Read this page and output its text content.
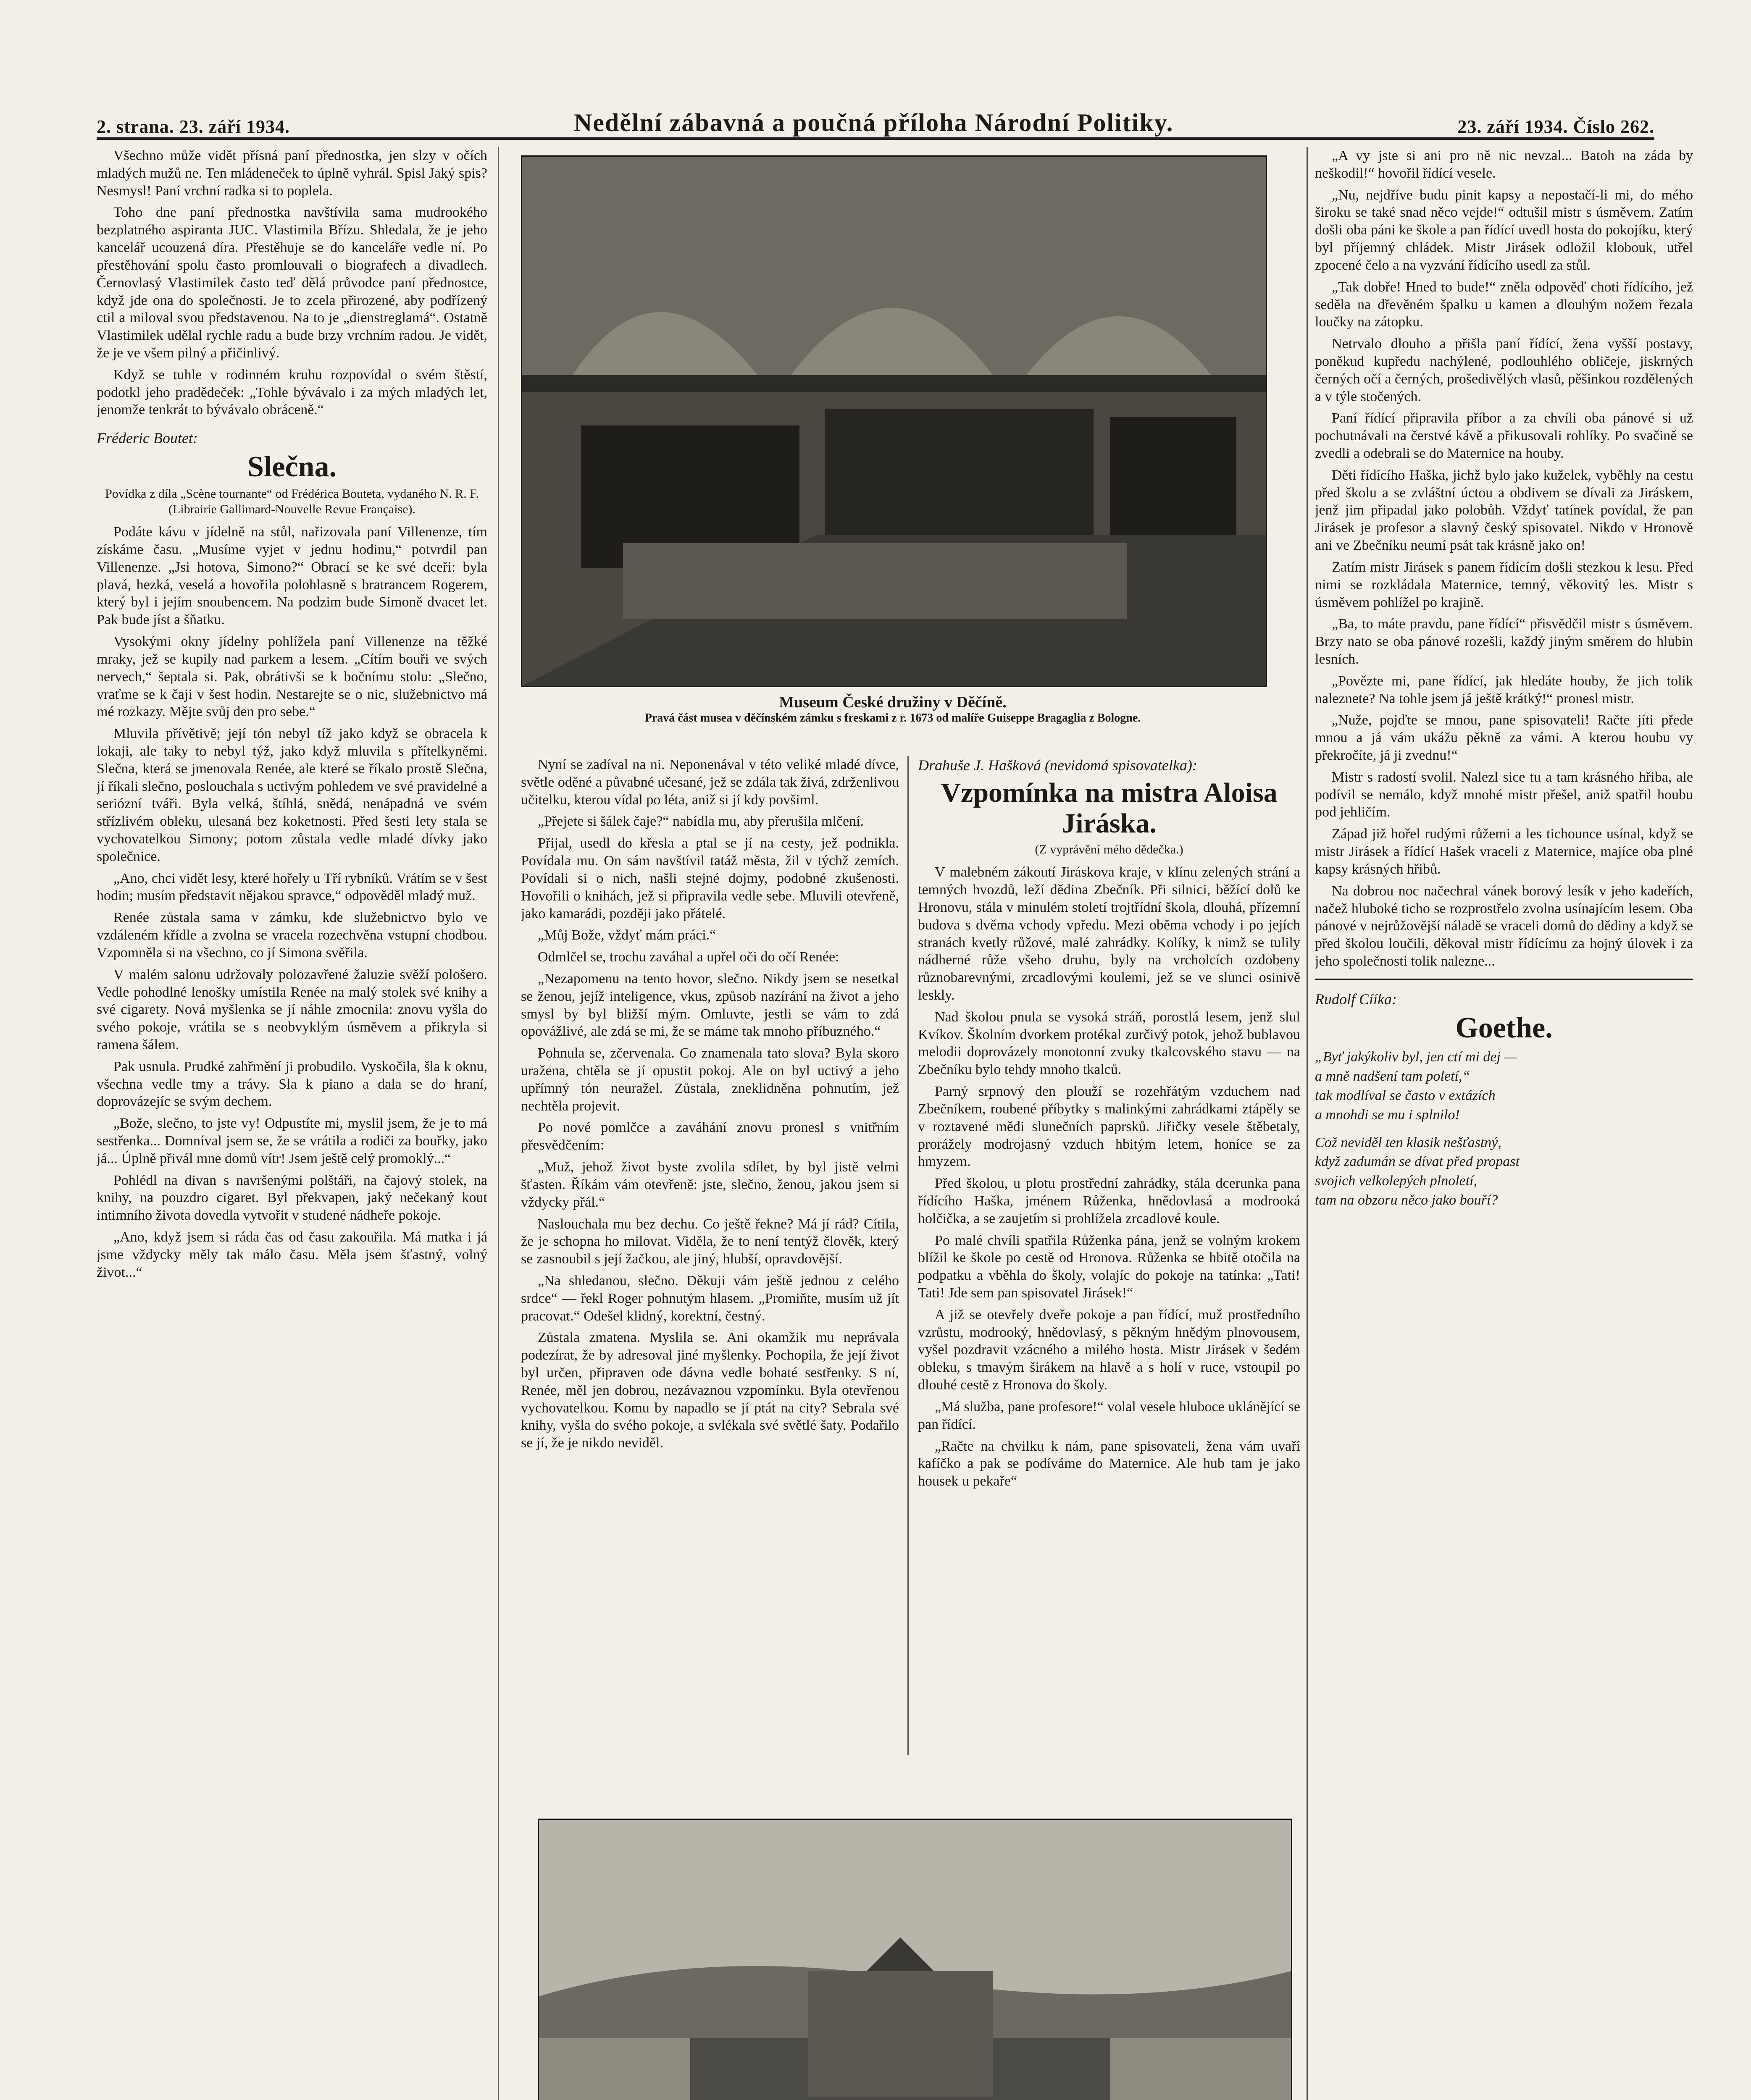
2. strana. 23. září 1934.	Nedělní zábavná a poučná příloha Národní Politiky.	23. září 1934. Číslo 262.

Všechno může vidět přísná paní přednostka, jen slzy v očích mladých mužů ne. Ten mládeneček to úplně vyhrál. Spisl Jaký spis? Nesmysl! Paní vrchní radka si to poplela.

Toho dne paní přednostka navštívila sama mudrookého bezplatného aspiranta JUC. Vlastimila Břízu. Shledala, že je jeho kancelář ucouzená díra. Přestěhuje se do kanceláře vedle ní. Po přestěhování spolu často promlouvali o biografech a divadlech. Černovlasý Vlastimilek často teď dělá průvodce paní přednostce, když jde ona do společnosti. Je to zcela přirozené, aby podřízený ctil a miloval svou představenou. Na to je „dienstreglamá“. Ostatně Vlastimilek udělal rychle radu a bude brzy vrchním radou. Je vidět, že je ve všem pilný a přičinlivý.

Když se tuhle v rodinném kruhu rozpovídal o svém štěstí, podotkl jeho pradědeček: „Tohle bývávalo i za mých mladých let, jenomže tenkrát to bývávalo obráceně.“

Fréderic Boutet:
Slečna.
Povídka z díla „Scène tournante“ od Frédérica Bouteta, vydaného N. R. F. (Librairie Gallimard-Nouvelle Revue Française).

Podáte kávu v jídelně na stůl, nařizovala paní Villenenze, tím získáme času. „Musíme vyjet v jednu hodinu,“ potvrdil pan Villenenze. „Jsi hotova, Simono?“ Obrací se ke své dceři: byla plavá, hezká, veselá a hovořila polohlasně s bratrancem Rogerem, který byl i jejím snoubencem. Na podzim bude Simoně dvacet let. Pak bude jíst a šňatku.

Vysokými okny jídelny pohlížela paní Villenenze na těžké mraky, jež se kupily nad parkem a lesem. „Cítím bouři ve svých nervech,“ šeptala si. Pak, obrátivši se k bočnímu stolu: „Slečno, vraťme se k čaji v šest hodin. Nestarejte se o nic, služebnictvo má mé rozkazy. Mějte svůj den pro sebe.“

Mluvila přívětivě; její tón nebyl tíž jako když se obracela k lokaji, ale taky to nebyl týž, jako když mluvila s přítelkyněmi. Slečna, která se jmenovala Renée, ale které se říkalo prostě Slečna, jí říkali slečno, poslouchala s uctivým pohledem ve své pravidelné a seriózní tváři. Byla velká, štíhlá, snědá, nenápadná ve svém střízlivém obleku, ulesaná bez koketnosti. Před šesti lety stala se vychovatelkou Simony; potom zůstala vedle mladé dívky jako společnice.

„Ano, chci vidět lesy, které hořely u Tří rybníků. Vrátím se v šest hodin; musím představit nějakou spravce,“ odpověděl mladý muž.

Renée zůstala sama v zámku, kde služebnictvo bylo ve vzdáleném křídle a zvolna se vracela rozechvěna vstupní chodbou. Vzpomněla si na všechno, co jí Simona svěřila.

V malém salonu udržovaly polozavřené žaluzie svěží pološero. Vedle pohodlné lenošky umístila Renée na malý stolek své knihy a své cigarety. Nová myšlenka se jí náhle zmocnila: znovu vyšla do svého pokoje, vrátila se s neobvyklým úsměvem a přikryla si ramena šálem.

Pak usnula. Prudké zahřmění ji probudilo. Vyskočila, šla k oknu, všechna vedle tmy a trávy. Sla k piano a dala se do hraní, doprovázejíc se svým dechem.

„Bože, slečno, to jste vy! Odpustíte mi, myslil jsem, že je to má sestřenka... Domníval jsem se, že se vrátila a rodiči za bouřky, jako já... Úplně přivál mne domů vítr! Jsem ještě celý promoklý...“

Pohlédl na divan s navršenými polštáři, na čajový stolek, na knihy, na pouzdro cigaret. Byl překvapen, jaký nečekaný kout intimního života dovedla vytvořit v studené nádheře pokoje.

„Ano, když jsem si ráda čas od času zakouřila. Má matka i já jsme vždycky měly tak málo času. Měla jsem šťastný, volný život...“

Museum České družiny v Děčíně.
Pravá část musea v děčínském zámku s freskami z r. 1673 od malíře Guiseppe Bragaglia z Bologne.

Nyní se zadíval na ni. Neponenával v této veliké mladé dívce, světle oděné a půvabné učesané, jež se zdála tak živá, zdrženlivou učitelku, kterou vídal po léta, aniž si jí kdy povšiml.

„Přejete si šálek čaje?“ nabídla mu, aby přerušila mlčení.

Přijal, usedl do křesla a ptal se jí na cesty, jež podnikla. Povídala mu. On sám navštívil tatáž města, žil v týchž zemích. Povídali si o nich, našli stejné dojmy, podobné zkušenosti. Hovořili o knihách, jež si připravila vedle sebe. Mluvili otevřeně, jako kamarádi, později jako přátelé.

„Můj Bože, vždyť mám práci.“

Odmlčel se, trochu zaváhal a upřel oči do očí Renée:

„Nezapomenu na tento hovor, slečno. Nikdy jsem se nesetkal se ženou, jejíž inteligence, vkus, způsob nazírání na život a jeho smysl by byl bližší mým. Omluvte, jestli se vám to zdá opovážlivé, ale zdá se mi, že se máme tak mnoho příbuzného.“

Pohnula se, zčervenala. Co znamenala tato slova? Byla skoro uražena, chtěla se jí opustit pokoj. Ale on byl uctivý a jeho upřímný tón neuražel. Zůstala, zneklidněna pohnutím, jež nechtěla projevit.

Po nové pomlčce a zaváhání znovu pronesl s vnitřním přesvědčením:

„Muž, jehož život byste zvolila sdílet, by byl jistě velmi šťasten. Říkám vám otevřeně: jste, slečno, ženou, jakou jsem si vždycky přál.“

Naslouchala mu bez dechu. Co ještě řekne? Má jí rád? Cítila, že je schopna ho milovat. Viděla, že to není tentýž člověk, který se zasnoubil s její žačkou, ale jiný, hlubší, opravdovější.

„Na shledanou, slečno. Děkuji vám ještě jednou z celého srdce“ — řekl Roger pohnutým hlasem. „Promiňte, musím už jít pracovat.“ Odešel klidný, korektní, čestný.

Zůstala zmatena. Myslila se. Ani okamžik mu neprávala podezírat, že by adresoval jiné myšlenky. Pochopila, že její život byl určen, připraven ode dávna vedle bohaté sestřenky. S ní, Renée, měl jen dobrou, nezávaznou vzpomínku. Byla otevřenou vychovatelkou. Komu by napadlo se jí ptát na city? Sebrala své knihy, vyšla do svého pokoje, a svlékala své světlé šaty. Podařilo se jí, že je nikdo neviděl.

Drahuše J. Hašková (nevidomá spisovatelka):
Vzpomínka na mistra Aloisa Jiráska.
(Z vyprávění mého dědečka.)

V malebném zákoutí Jiráskova kraje, v klínu zelených strání a temných hvozdů, leží dědina Zbečník. Při silnici, běžící dolů ke Hronovu, stála v minulém století trojtřídní škola, dlouhá, přízemní budova s dvěma vchody vpředu. Mezi oběma vchody i po jejích stranách kvetly růžové, malé zahrádky. Kolíky, k nimž se tulily nádherné růže všeho druhu, byly na vrcholcích ozdobeny různobarevnými, zrcadlovými koulemi, jež se ve slunci osinivě leskly.

Nad školou pnula se vysoká stráň, porostlá lesem, jenž slul Kvíkov. Školním dvorkem protékal zurčivý potok, jehož bublavou melodii doprovázely monotonní zvuky tkalcovského stavu — na Zbečníku bylo tehdy mnoho tkalců.

Parný srpnový den plouží se rozehřátým vzduchem nad Zbečníkem, roubené příbytky s malinkými zahrádkami ztápěly se v roztavené mědi slunečních paprsků. Jiřičky vesele štěbetaly, prorážely modrojasný vzduch hbitým letem, honíce se za hmyzem.

Před školou, u plotu prostřední zahrádky, stála dcerunka pana řídícího Haška, jménem Růženka, hnědovlasá a modrooká holčička, a se zaujetím si prohlížela zrcadlové koule.

Po malé chvíli spatřila Růženka pána, jenž se volným krokem blížil ke škole po cestě od Hronova. Růženka se hbitě otočila na podpatku a vběhla do školy, volajíc do pokoje na tatínka: „Tati! Tati! Jde sem pan spisovatel Jirásek!“

A již se otevřely dveře pokoje a pan řídící, muž prostředního vzrůstu, modrooký, hnědovlasý, s pěkným hnědým plnovousem, vyšel pozdravit vzácného a milého hosta. Mistr Jirásek v šedém obleku, s tmavým širákem na hlavě a s holí v ruce, vstoupil po dlouhé cestě z Hronova do školy.

„Má služba, pane profesore!“ volal vesele hluboce uklánějící se pan řídící.

„Račte na chvilku k nám, pane spisovateli, žena vám uvaří kafíčko a pak se podíváme do Maternice. Ale hub tam je jako housek u pekaře“

„A vy jste si ani pro ně nic nevzal... Batoh na záda by neškodil!“ hovořil řídící vesele.

„Nu, nejdříve budu pinit kapsy a nepostačí-li mi, do mého široku se také snad něco vejde!“ odtušil mistr s úsměvem. Zatím došli oba páni ke škole a pan řídící uvedl hosta do pokojíku, který byl příjemný chládek. Mistr Jirásek odložil klobouk, utřel zpocené čelo a na vyzvání řídícího usedl za stůl.

„Tak dobře! Hned to bude!“ zněla odpověď choti řídícího, jež seděla na dřevěném špalku u kamen a dlouhým nožem řezala loučky na zátopku.

Netrvalo dlouho a přišla paní řídící, žena vyšší postavy, poněkud kupředu nachýlené, podlouhlého obličeje, jiskrných černých očí a černých, prošedivělých vlasů, pěšinkou rozdělených a v týle stočených.

Paní řídící připravila příbor a za chvíli oba pánové si už pochutnávali na čerstvé kávě a přikusovali rohlíky. Po svačině se zvedli a odebrali se do Maternice na houby.

Děti řídícího Haška, jichž bylo jako kuželek, vyběhly na cestu před školu a se zvláštní úctou a obdivem se dívali za Jiráskem, jenž jim připadal jako polobůh. Vždyť tatínek povídal, že pan Jirásek je profesor a slavný český spisovatel. Nikdo v Hronově ani ve Zbečníku neumí psát tak krásně jako on!

Zatím mistr Jirásek s panem řídícím došli stezkou k lesu. Před nimi se rozkládala Maternice, temný, věkovitý les. Mistr s úsměvem pohlížel po krajině.

„Ba, to máte pravdu, pane řídící“ přisvědčil mistr s úsměvem. Brzy nato se oba pánové rozešli, každý jiným směrem do hlubin lesních.

„Povězte mi, pane řídící, jak hledáte houby, že jich tolik naleznete? Na tohle jsem já ještě krátký!“ pronesl mistr.

„Nuže, pojďte se mnou, pane spisovateli! Račte jíti přede mnou a já vám ukážu pěkně za vámi. A kterou houbu vy překročíte, já ji zvednu!“

Mistr s radostí svolil. Nalezl sice tu a tam krásného hřiba, ale podívil se nemálo, když mnohé mistr přešel, aniž spatřil houbu pod jehličím.

Západ již hořel rudými růžemi a les tichounce usínal, když se mistr Jirásek a řídící Hašek vraceli z Maternice, majíce oba plné kapsy krásných hřibů.

Na dobrou noc načechral vánek borový lesík v jeho kadeřích, načež hluboké ticho se rozprostřelo zvolna usínajícím lesem. Oba pánové v nejrůžovější náladě se vraceli domů do dědiny a když se před školou loučili, děkoval mistr řídícímu za hojný úlovek i za jeho společnosti tolik nalezne...

Rudolf Cííka:
Goethe.
„Byť jakýkoliv byl, jen ctí mi dej —
a mně nadšení tam poletí,“
tak modlíval se často v extázích
a mnohdi se mu i splnilo!
Což neviděl ten klasik nešťastný,
když zadumán se dívat před propast
svojich velkolepých plnoletí,
tam na obzoru něco jako bouří?
